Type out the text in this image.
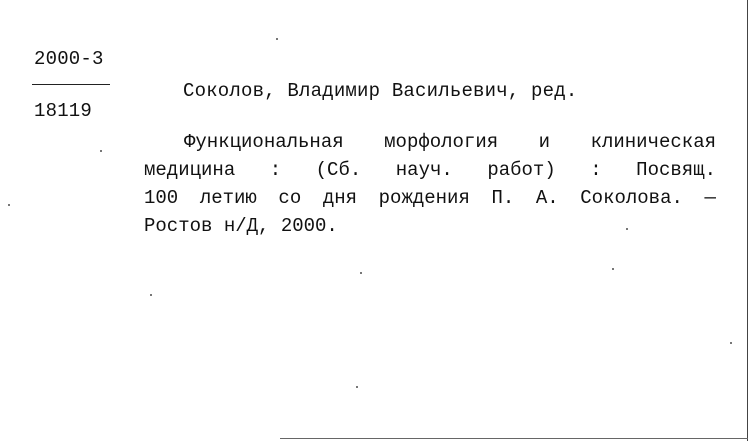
2000-3
18119
Соколов, Владимир Васильевич, ред.
Функциональная морфология и клиническая
медицина : (Сб. науч. работ) : Посвящ.
100 летию со дня рождения П. А. Соколова. —
Ростов н/Д, 2000.
